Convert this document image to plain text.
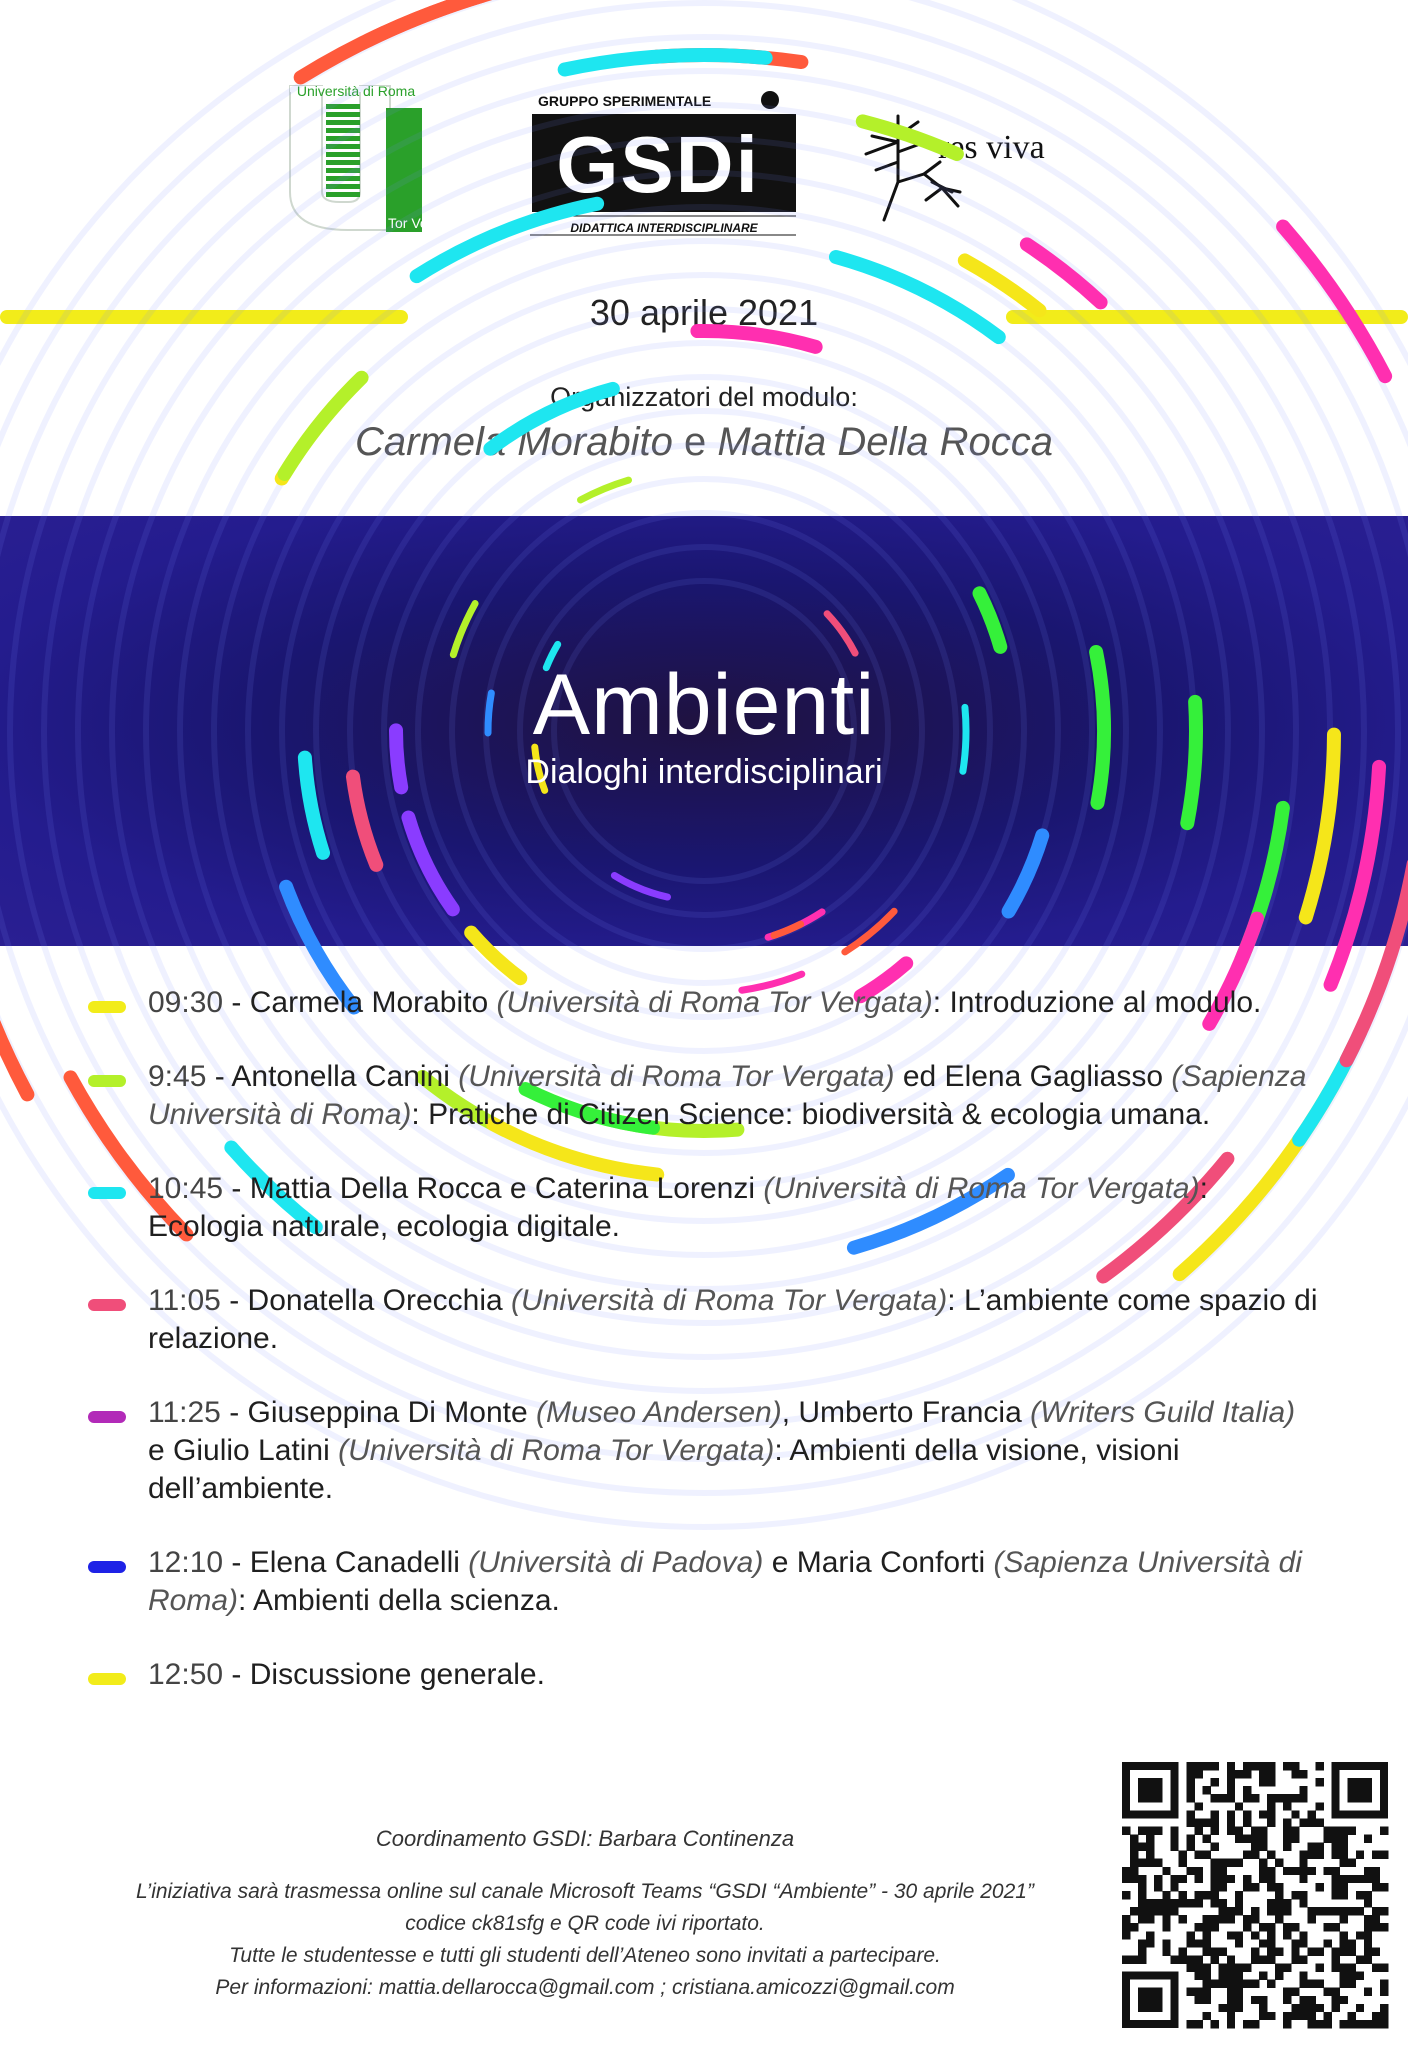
Università di Roma
Tor Vergata
GRUPPO SPERIMENTALE
GSDi
DIDATTICA INTERDISCIPLINARE
res viva
30 aprile 2021
Organizzatori del modulo:
Carmela Morabito e Mattia Della Rocca
Ambienti
Dialoghi interdisciplinari
09:30 - Carmela Morabito (Università di Roma Tor Vergata): Introduzione al modulo.
9:45 - Antonella Canini (Università di Roma Tor Vergata) ed Elena Gagliasso (Sapienza Università di Roma): Pratiche di Citizen Science: biodiversità & ecologia umana.
10:45 - Mattia Della Rocca e Caterina Lorenzi (Università di Roma Tor Vergata): Ecologia naturale, ecologia digitale.
11:05 - Donatella Orecchia (Università di Roma Tor Vergata): L’ambiente come spazio di relazione.
11:25 - Giuseppina Di Monte (Museo Andersen), Umberto Francia (Writers Guild Italia) e Giulio Latini (Università di Roma Tor Vergata): Ambienti della visione, visioni dell’ambiente.
12:10 - Elena Canadelli (Università di Padova) e Maria Conforti (Sapienza Università di Roma): Ambienti della scienza.
12:50 - Discussione generale.
Coordinamento GSDI: Barbara Continenza
L’iniziativa sarà trasmessa online sul canale Microsoft Teams “GSDI “Ambiente” - 30 aprile 2021”
codice ck81sfg e QR code ivi riportato.
Tutte le studentesse e tutti gli studenti dell’Ateneo sono invitati a partecipare.
Per informazioni: mattia.dellarocca@gmail.com ; cristiana.amicozzi@gmail.com
